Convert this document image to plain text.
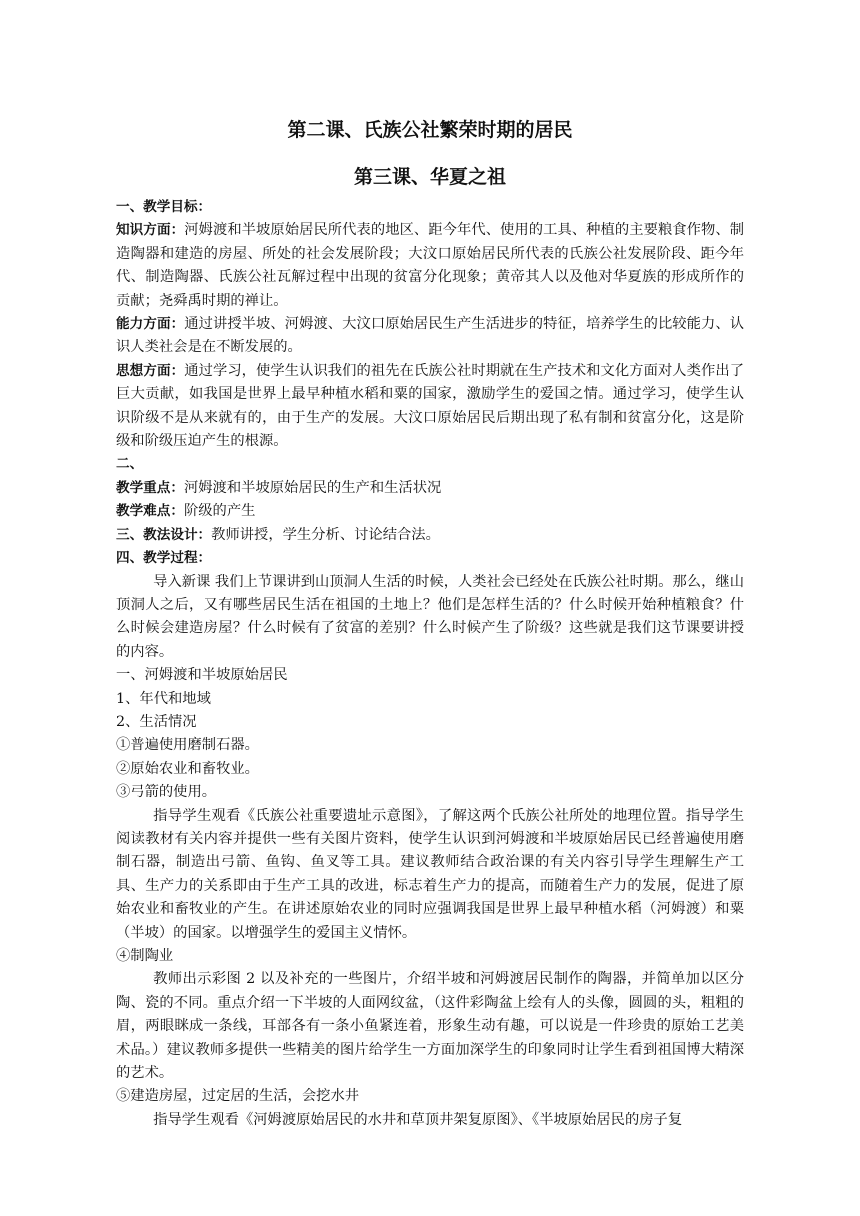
第二课、氏族公社繁荣时期的居民
第三课、华夏之祖

一、教学目标：

知识方面：河姆渡和半坡原始居民所代表的地区、距今年代、使用的工具、种植的主要粮食作物、制造陶器和建造的房屋、所处的社会发展阶段；大汶口原始居民所代表的氏族公社发展阶段、距今年代、制造陶器、氏族公社瓦解过程中出现的贫富分化现象；黄帝其人以及他对华夏族的形成所作的贡献；尧舜禹时期的禅让。

能力方面：通过讲授半坡、河姆渡、大汶口原始居民生产生活进步的特征，培养学生的比较能力、认识人类社会是在不断发展的。

思想方面：通过学习，使学生认识我们的祖先在氏族公社时期就在生产技术和文化方面对人类作出了巨大贡献，如我国是世界上最早种植水稻和粟的国家，激励学生的爱国之情。通过学习，使学生认识阶级不是从来就有的，由于生产的发展。大汶口原始居民后期出现了私有制和贫富分化，这是阶级和阶级压迫产生的根源。

二、

教学重点：河姆渡和半坡原始居民的生产和生活状况

教学难点：阶级的产生

三、教法设计：教师讲授，学生分析、讨论结合法。

四、教学过程：

导入新课 我们上节课讲到山顶洞人生活的时候，人类社会已经处在氏族公社时期。那么，继山顶洞人之后，又有哪些居民生活在祖国的土地上？他们是怎样生活的？什么时候开始种植粮食？什么时候会建造房屋？什么时候有了贫富的差别？什么时候产生了阶级？这些就是我们这节课要讲授的内容。

一、河姆渡和半坡原始居民

1、年代和地域

2、生活情况

①普遍使用磨制石器。

②原始农业和畜牧业。

③弓箭的使用。

指导学生观看《氏族公社重要遗址示意图》，了解这两个氏族公社所处的地理位置。指导学生阅读教材有关内容并提供一些有关图片资料，使学生认识到河姆渡和半坡原始居民已经普遍使用磨制石器，制造出弓箭、鱼钩、鱼叉等工具。建议教师结合政治课的有关内容引导学生理解生产工具、生产力的关系即由于生产工具的改进，标志着生产力的提高，而随着生产力的发展，促进了原始农业和畜牧业的产生。在讲述原始农业的同时应强调我国是世界上最早种植水稻（河姆渡）和粟（半坡）的国家。以增强学生的爱国主义情怀。

④制陶业

教师出示彩图 2 以及补充的一些图片，介绍半坡和河姆渡居民制作的陶器，并简单加以区分陶、瓷的不同。重点介绍一下半坡的人面网纹盆，（这件彩陶盆上绘有人的头像，圆圆的头，粗粗的眉，两眼眯成一条线，耳部各有一条小鱼紧连着，形象生动有趣，可以说是一件珍贵的原始工艺美术品。）建议教师多提供一些精美的图片给学生一方面加深学生的印象同时让学生看到祖国博大精深的艺术。

⑤建造房屋，过定居的生活，会挖水井

指导学生观看《河姆渡原始居民的水井和草顶井架复原图》、《半坡原始居民的房子复
